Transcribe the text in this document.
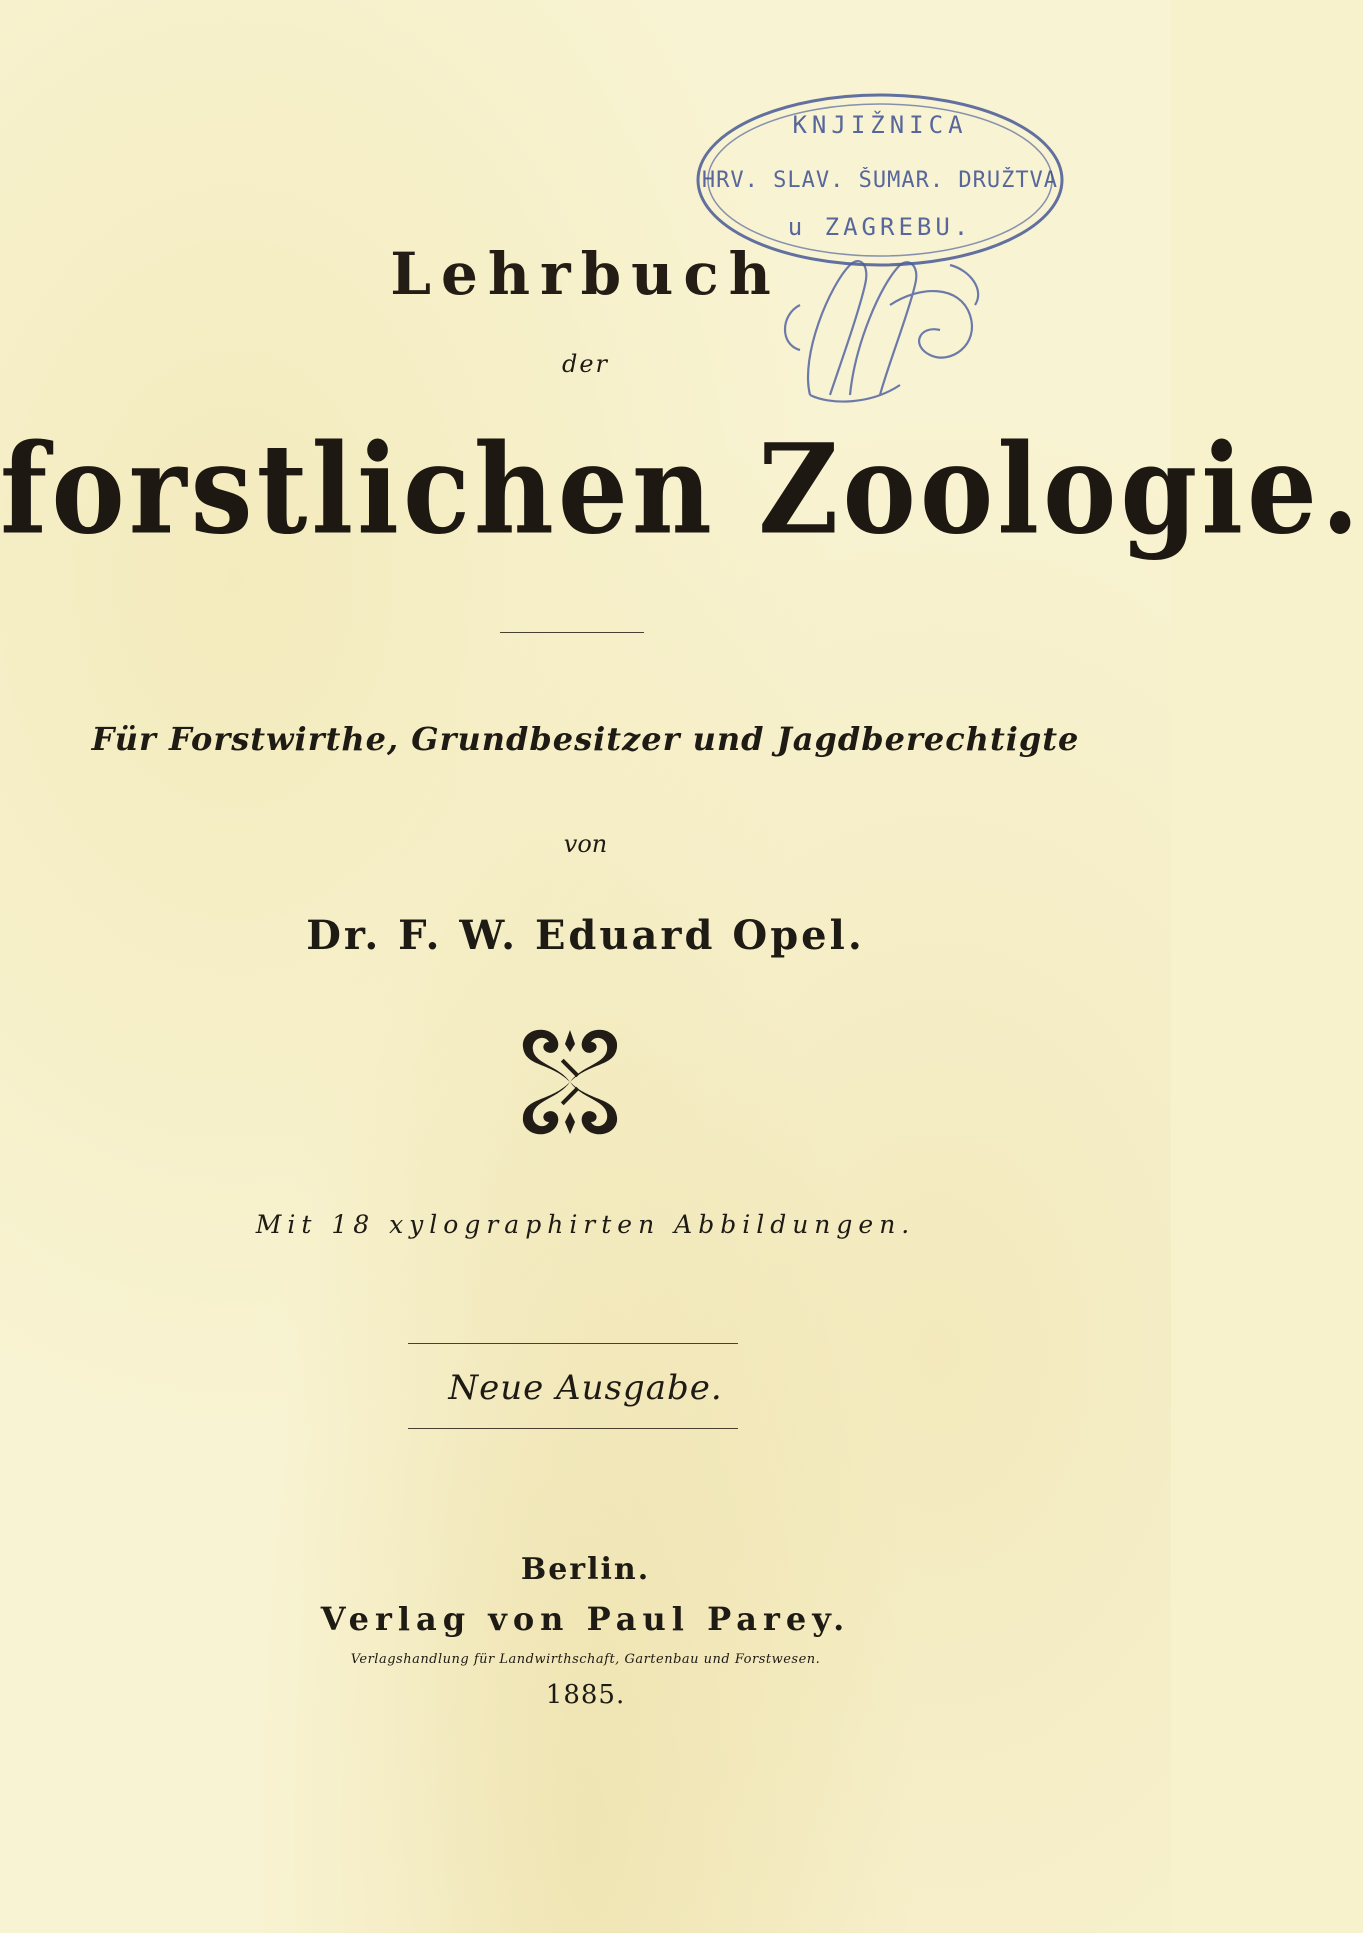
KNJIŽNICA
HRV. SLAV. ŠUMAR. DRUŽTVA
u ZAGREBU.
Lehrbuch
der
forstlichen Zoologie.
Für Forstwirthe, Grundbesitzer und Jagdberechtigte
von
Dr. F. W. Eduard Opel.
Mit 18 xylographirten Abbildungen.
Neue Ausgabe.
Berlin.
Verlag von Paul Parey.
Verlagshandlung für Landwirthschaft, Gartenbau und Forstwesen.
1885.
